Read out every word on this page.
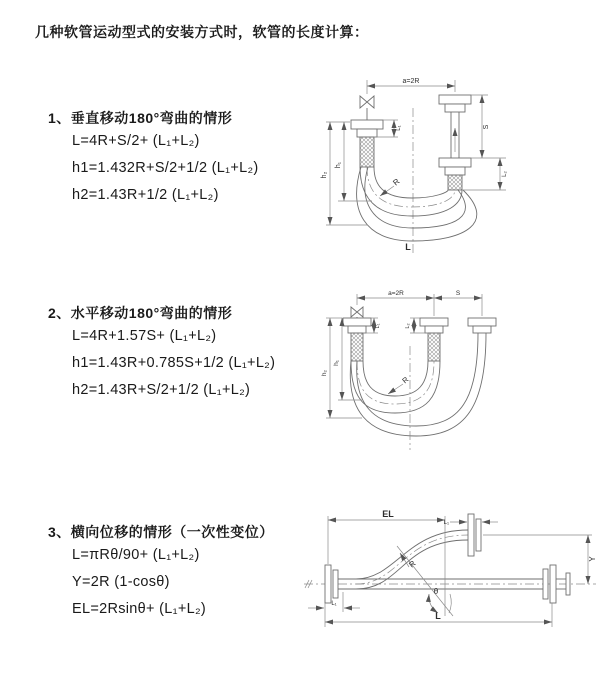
几种软管运动型式的安装方式时，软管的长度计算：
1、垂直移动180°弯曲的情形
L=4R+S/2+ (L₁+L₂)
h1=1.432R+S/2+1/2 (L₁+L₂)
h2=1.43R+1/2 (L₁+L₂)
2、水平移动180°弯曲的情形
L=4R+1.57S+ (L₁+L₂)
h1=1.43R+0.785S+1/2 (L₁+L₂)
h2=1.43R+S/2+1/2 (L₁+L₂)
3、横向位移的情形（一次性变位）
L=πRθ/90+ (L₁+L₂)
Y=2R (1-cosθ)
EL=2Rsinθ+ (L₁+L₂)
a=2R
h₁
h₂
L₁	S
L₂
R
L
a=2R	S
L₁	L₂
h₁
h₂
R
EL
L₁
Y
θ
R
L₁
L
